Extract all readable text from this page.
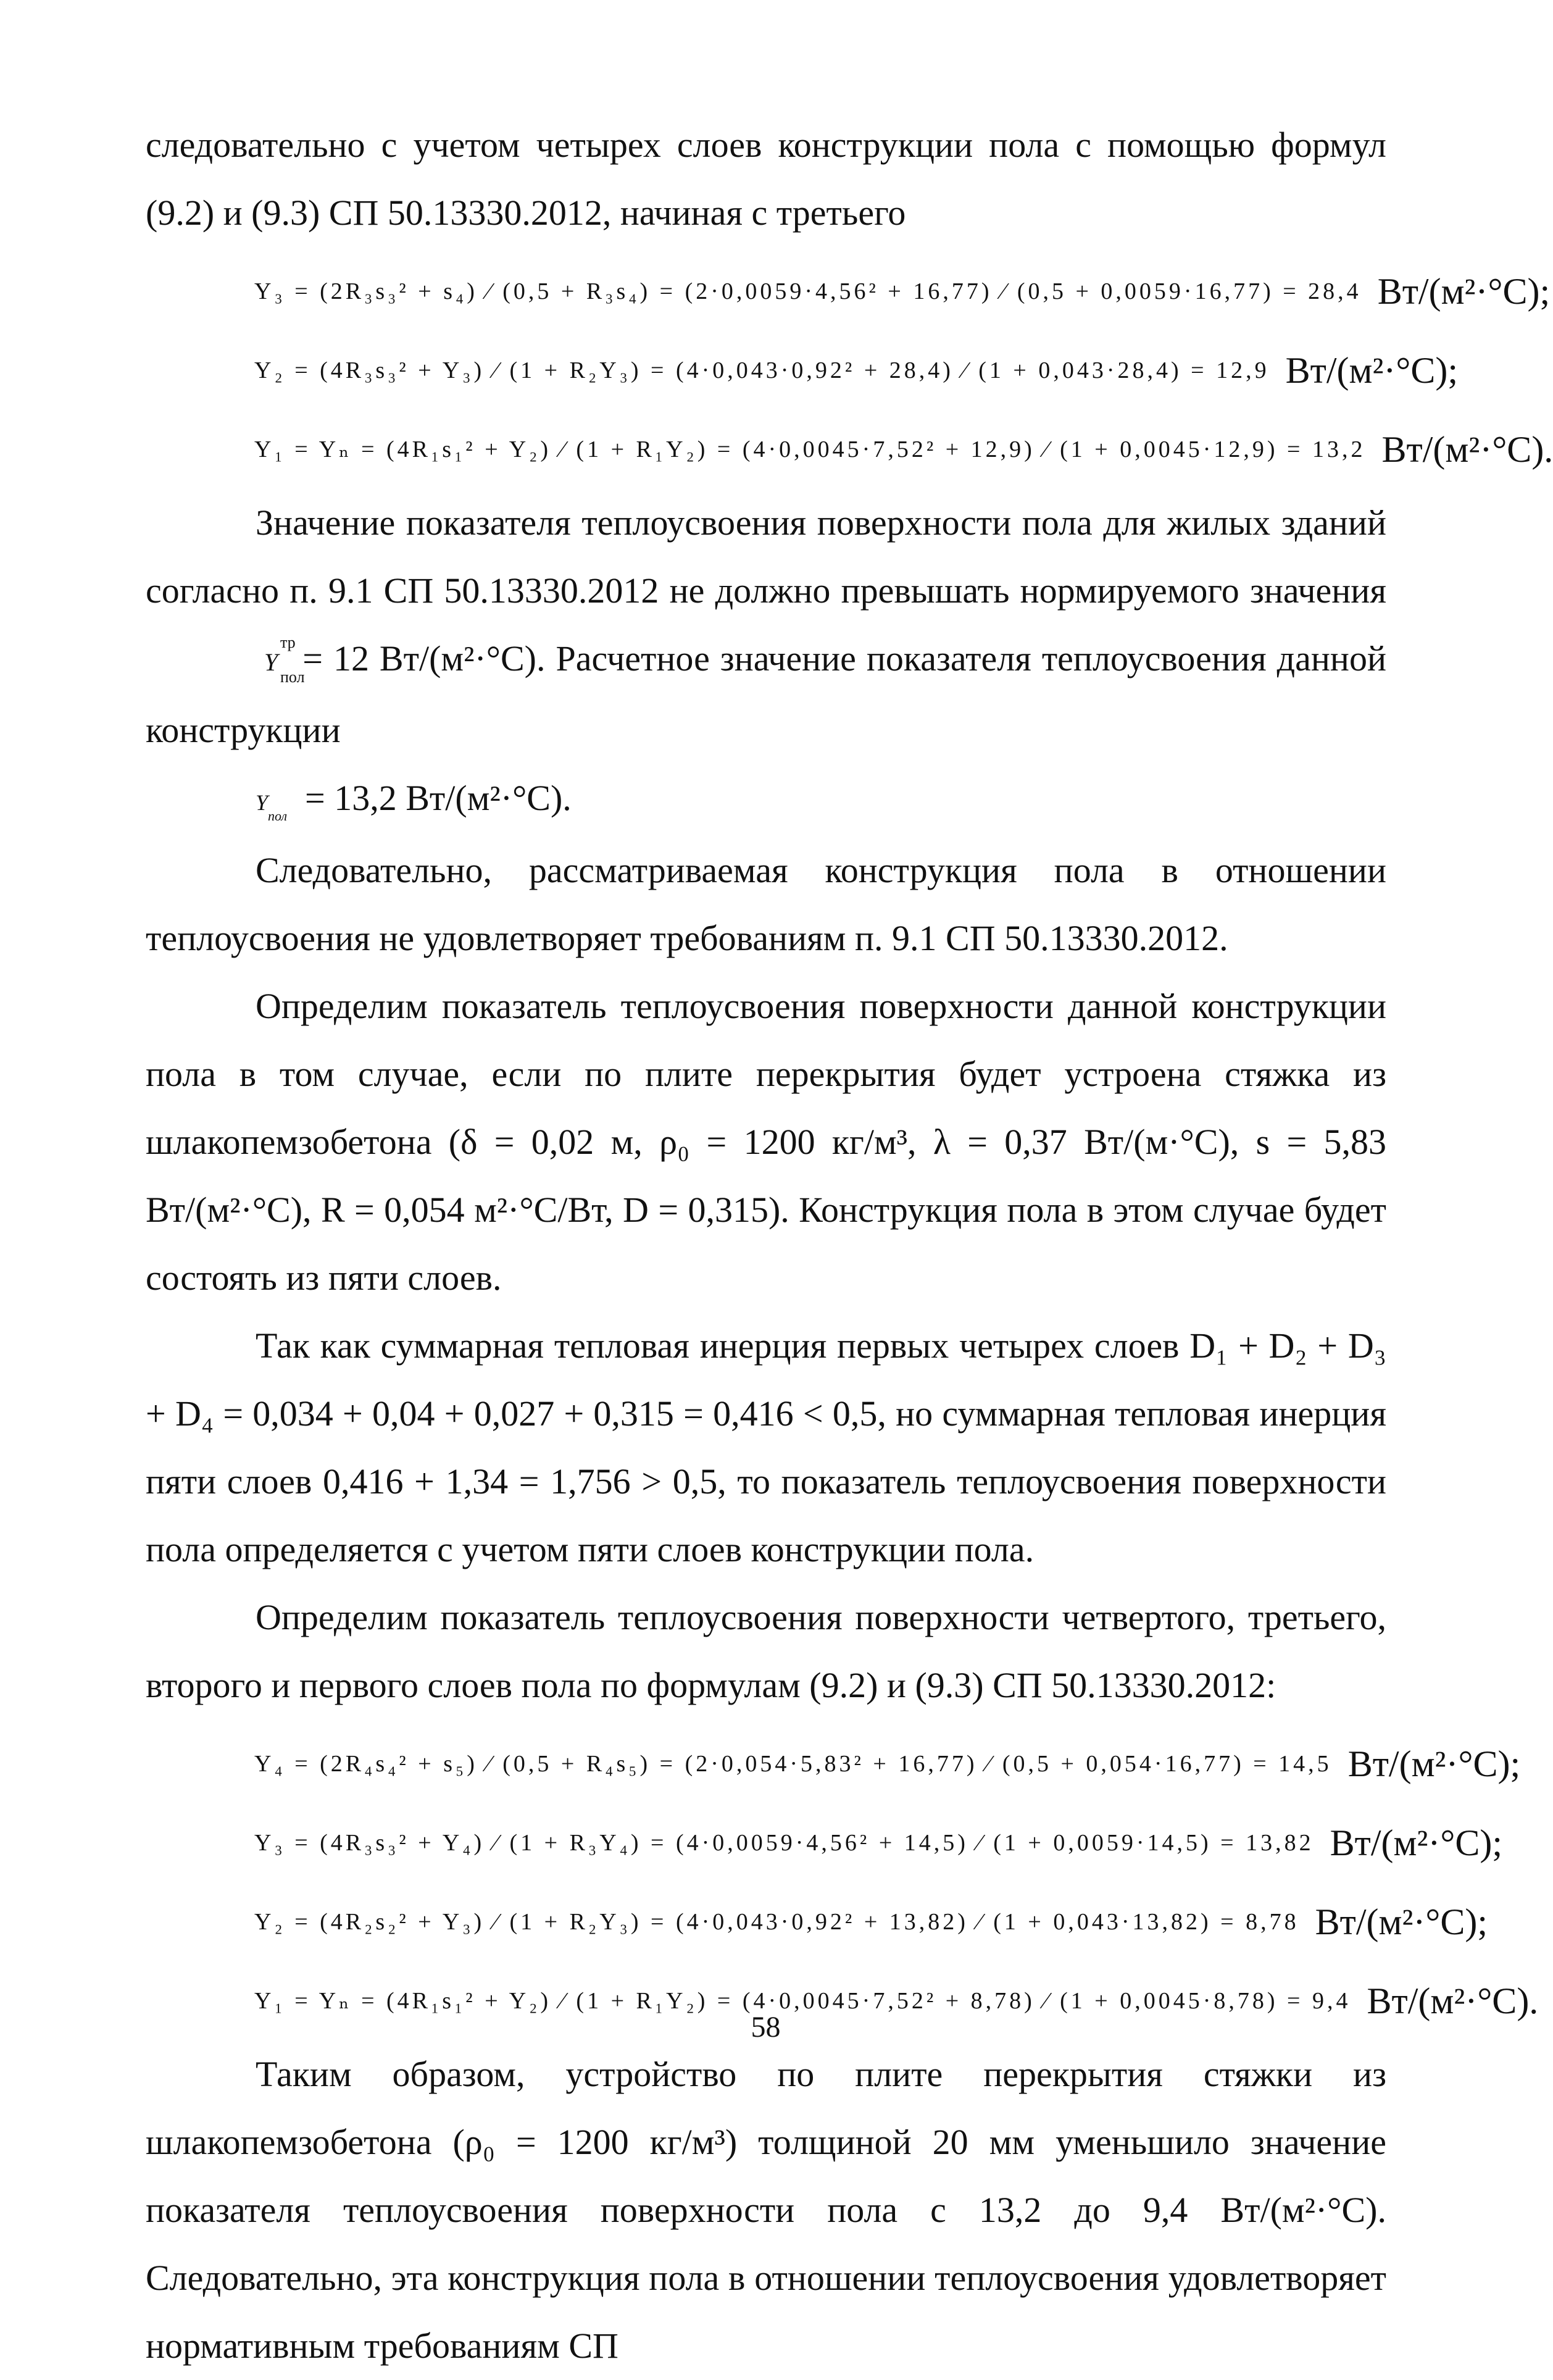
следовательно с учетом четырех слоев конструкции пола с помощью формул (9.2) и (9.3) СП 50.13330.2012, начиная с третьего

Y₃ = (2R₃s₃² + s₄) ⁄ (0,5 + R₃s₄) = (2·0,0059·4,56² + 16,77) ⁄ (0,5 + 0,0059·16,77) = 28,4 Вт/(м²·°С);
Y₂ = (4R₃s₃² + Y₃) ⁄ (1 + R₂Y₃) = (4·0,043·0,92² + 28,4) ⁄ (1 + 0,043·28,4) = 12,9 Вт/(м²·°С);
Y₁ = Yₙ = (4R₁s₁² + Y₂) ⁄ (1 + R₁Y₂) = (4·0,0045·7,52² + 12,9) ⁄ (1 + 0,0045·12,9) = 13,2 Вт/(м²·°С).

Значение показателя теплоусвоения поверхности пола для жилых зданий согласно п. 9.1 СП 50.13330.2012 не должно превышать нормируемого значенияY
тр
пол
= 12 Вт/(м²·°С). Расчетное значение показателя теплоусвоения данной конструкции
Y
пол = 13,2 Вт/(м²·°С).

Следовательно, рассматриваемая конструкция пола в отношении теплоусвоения не удовлетворяет требованиям п. 9.1 СП 50.13330.2012.

Определим показатель теплоусвоения поверхности данной конструкции пола в том случае, если по плите перекрытия будет устроена стяжка из шлакопемзобетона (δ = 0,02 м, ρ₀ = 1200 кг/м³, λ = 0,37 Вт/(м·°С), s = 5,83 Вт/(м²·°С), R = 0,054 м²·°С/Вт, D = 0,315). Конструкция пола в этом случае будет состоять из пяти слоев.

Так как суммарная тепловая инерция первых четырех слоев D₁ + D₂ + D₃ + D₄ = 0,034 + 0,04 + 0,027 + 0,315 = 0,416 < 0,5, но суммарная тепловая инерция пяти слоев 0,416 + 1,34 = 1,756 > 0,5, то показатель теплоусвоения поверхности пола определяется с учетом пяти слоев конструкции пола.

Определим показатель теплоусвоения поверхности четвертого, третьего, второго и первого слоев пола по формулам (9.2) и (9.3) СП 50.13330.2012:

Y₄ = (2R₄s₄² + s₅) ⁄ (0,5 + R₄s₅) = (2·0,054·5,83² + 16,77) ⁄ (0,5 + 0,054·16,77) = 14,5 Вт/(м²·°С);
Y₃ = (4R₃s₃² + Y₄) ⁄ (1 + R₃Y₄) = (4·0,0059·4,56² + 14,5) ⁄ (1 + 0,0059·14,5) = 13,82 Вт/(м²·°С);
Y₂ = (4R₂s₂² + Y₃) ⁄ (1 + R₂Y₃) = (4·0,043·0,92² + 13,82) ⁄ (1 + 0,043·13,82) = 8,78 Вт/(м²·°С);
Y₁ = Yₙ = (4R₁s₁² + Y₂) ⁄ (1 + R₁Y₂) = (4·0,0045·7,52² + 8,78) ⁄ (1 + 0,0045·8,78) = 9,4 Вт/(м²·°С).

Таким образом, устройство по плите перекрытия стяжки из шлакопемзобетона (ρ₀ = 1200 кг/м³) толщиной 20 мм уменьшило значение показателя теплоусвоения поверхности пола с 13,2 до 9,4 Вт/(м²·°С). Следовательно, эта конструкция пола в отношении теплоусвоения удовлетворяет нормативным требованиям СП

58
